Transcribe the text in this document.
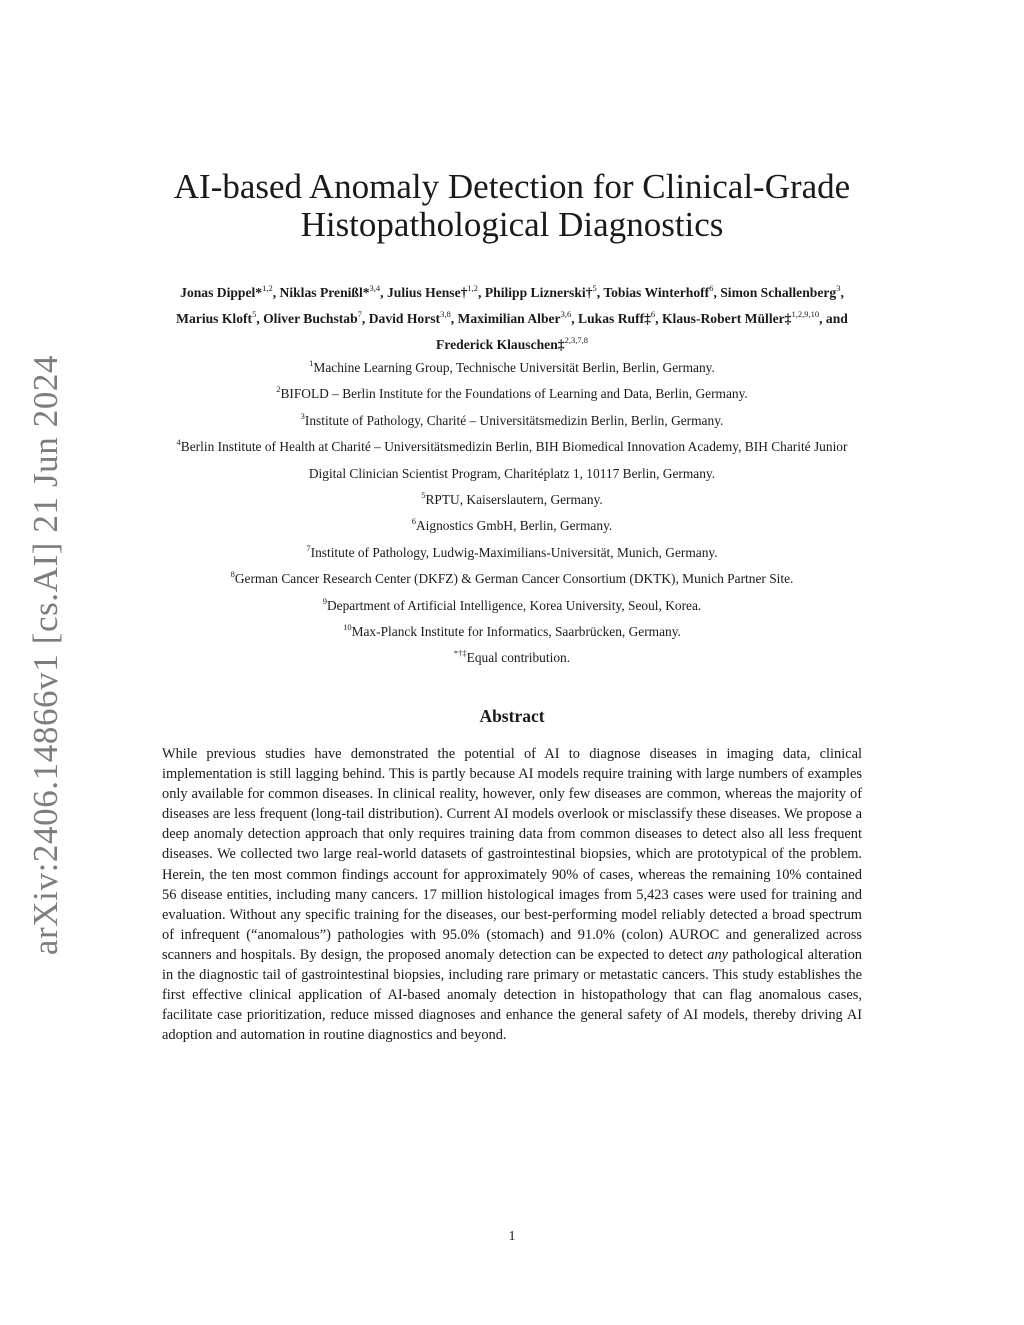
arXiv:2406.14866v1 [cs.AI] 21 Jun 2024
AI-based Anomaly Detection for Clinical-Grade
Histopathological Diagnostics
Jonas Dippel*$^{1,2}$, Niklas Prenißl*$^{3,4}$, Julius Hense†$^{1,2}$, Philipp Liznerski†$^5$, Tobias Winterhoff$^6$, Simon Schallenberg$^3$,
Marius Kloft$^5$, Oliver Buchstab$^7$, David Horst$^{3,8}$, Maximilian Alber$^{3,6}$, Lukas Ruff‡$^6$, Klaus-Robert Müller‡$^{1,2,9,10}$, and
Frederick Klauschen‡$^{2,3,7,8}$
$^1$Machine Learning Group, Technische Universität Berlin, Berlin, Germany.
$^2$BIFOLD – Berlin Institute for the Foundations of Learning and Data, Berlin, Germany.
$^3$Institute of Pathology, Charité – Universitätsmedizin Berlin, Berlin, Germany.
$^4$Berlin Institute of Health at Charité – Universitätsmedizin Berlin, BIH Biomedical Innovation Academy, BIH Charité Junior
Digital Clinician Scientist Program, Charitéplatz 1, 10117 Berlin, Germany.
$^5$RPTU, Kaiserslautern, Germany.
$^6$Aignostics GmbH, Berlin, Germany.
$^7$Institute of Pathology, Ludwig-Maximilians-Universität, Munich, Germany.
$^8$German Cancer Research Center (DKFZ) & German Cancer Consortium (DKTK), Munich Partner Site.
$^9$Department of Artificial Intelligence, Korea University, Seoul, Korea.
$^{10}$Max-Planck Institute for Informatics, Saarbrücken, Germany.
*†‡Equal contribution.
Abstract

While previous studies have demonstrated the potential of AI to diagnose diseases in imaging data, clinical implementation is still lagging behind. This is partly because AI models require training with large numbers of examples only available for common diseases. In clinical reality, however, only few diseases are common, whereas the majority of diseases are less frequent (long-tail distribution). Current AI models overlook or misclassify these diseases. We propose a deep anomaly detection approach that only requires training data from common diseases to detect also all less frequent diseases. We collected two large real-world datasets of gastrointestinal biopsies, which are prototypical of the problem. Herein, the ten most common findings account for approximately 90% of cases, whereas the remaining 10% contained 56 disease entities, including many cancers. 17 million histological images from 5,423 cases were used for training and evaluation. Without any specific training for the diseases, our best-performing model reliably detected a broad spectrum of infrequent (“anomalous”) pathologies with 95.0% (stomach) and 91.0% (colon) AUROC and generalized across scanners and hospitals. By design, the proposed anomaly detection can be expected to detect any pathological alteration in the diagnostic tail of gastrointestinal biopsies, including rare primary or metastatic cancers. This study establishes the first effective clinical application of AI-based anomaly detection in histopathology that can flag anomalous cases, facilitate case prioritization, reduce missed diagnoses and enhance the general safety of AI models, thereby driving AI adoption and automation in routine diagnostics and beyond.

1
